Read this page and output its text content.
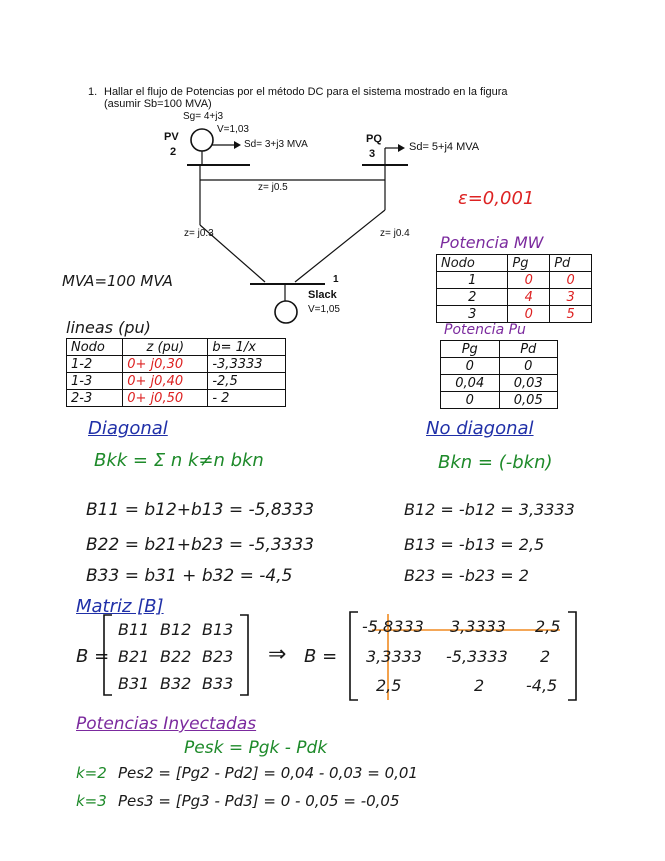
1. Hallar el flujo de Potencias por el método DC para el sistema mostrado en la figura
(asumir Sb=100 MVA)
Sg= 4+j3
V=1,03
PV
2
Sd= 3+j3 MVA	PQ
3
Sd= 5+j4 MVA
z= j0.5
z= j0.3	z= j0.4
1
Slack
V=1,05
ε=0,001
MVA=100 MVA
Potencia MW
Nodo	Pg	Pd
1	0	0
2	4	3
3	0	5
Potencia Pu
Pg	Pd
0	0
0,04	0,03
0	0,05
lineas (pu)
Nodo	z (pu)	b= 1/x
1-2	0+ j0,30	-3,3333
1-3	0+ j0,40	-2,5
2-3	0+ j0,50	- 2
Diagonal
Bkk = Σ n k≠n bkn
B11 = b12+b13 = -5,8333
B22 = b21+b23 = -5,3333
B33 = b31 + b32 = -4,5
No diagonal
Bkn = (-bkn)
B12 = -b12 = 3,3333
B13 = -b13 = 2,5
B23 = -b23 = 2
Matriz [B]
B =
B11 B12 B13
B21 B22 B23
B31 B32 B33
⇒ B =
-5,8333 3,3333 2,5
3,3333 -5,3333 2
2,5	2	-4,5
Potencias Inyectadas
Pesk = Pgk - Pdk
k=2 Pes2 = [Pg2 - Pd2] = 0,04 - 0,03 = 0,01
k=3 Pes3 = [Pg3 - Pd3] = 0 - 0,05 = -0,05
